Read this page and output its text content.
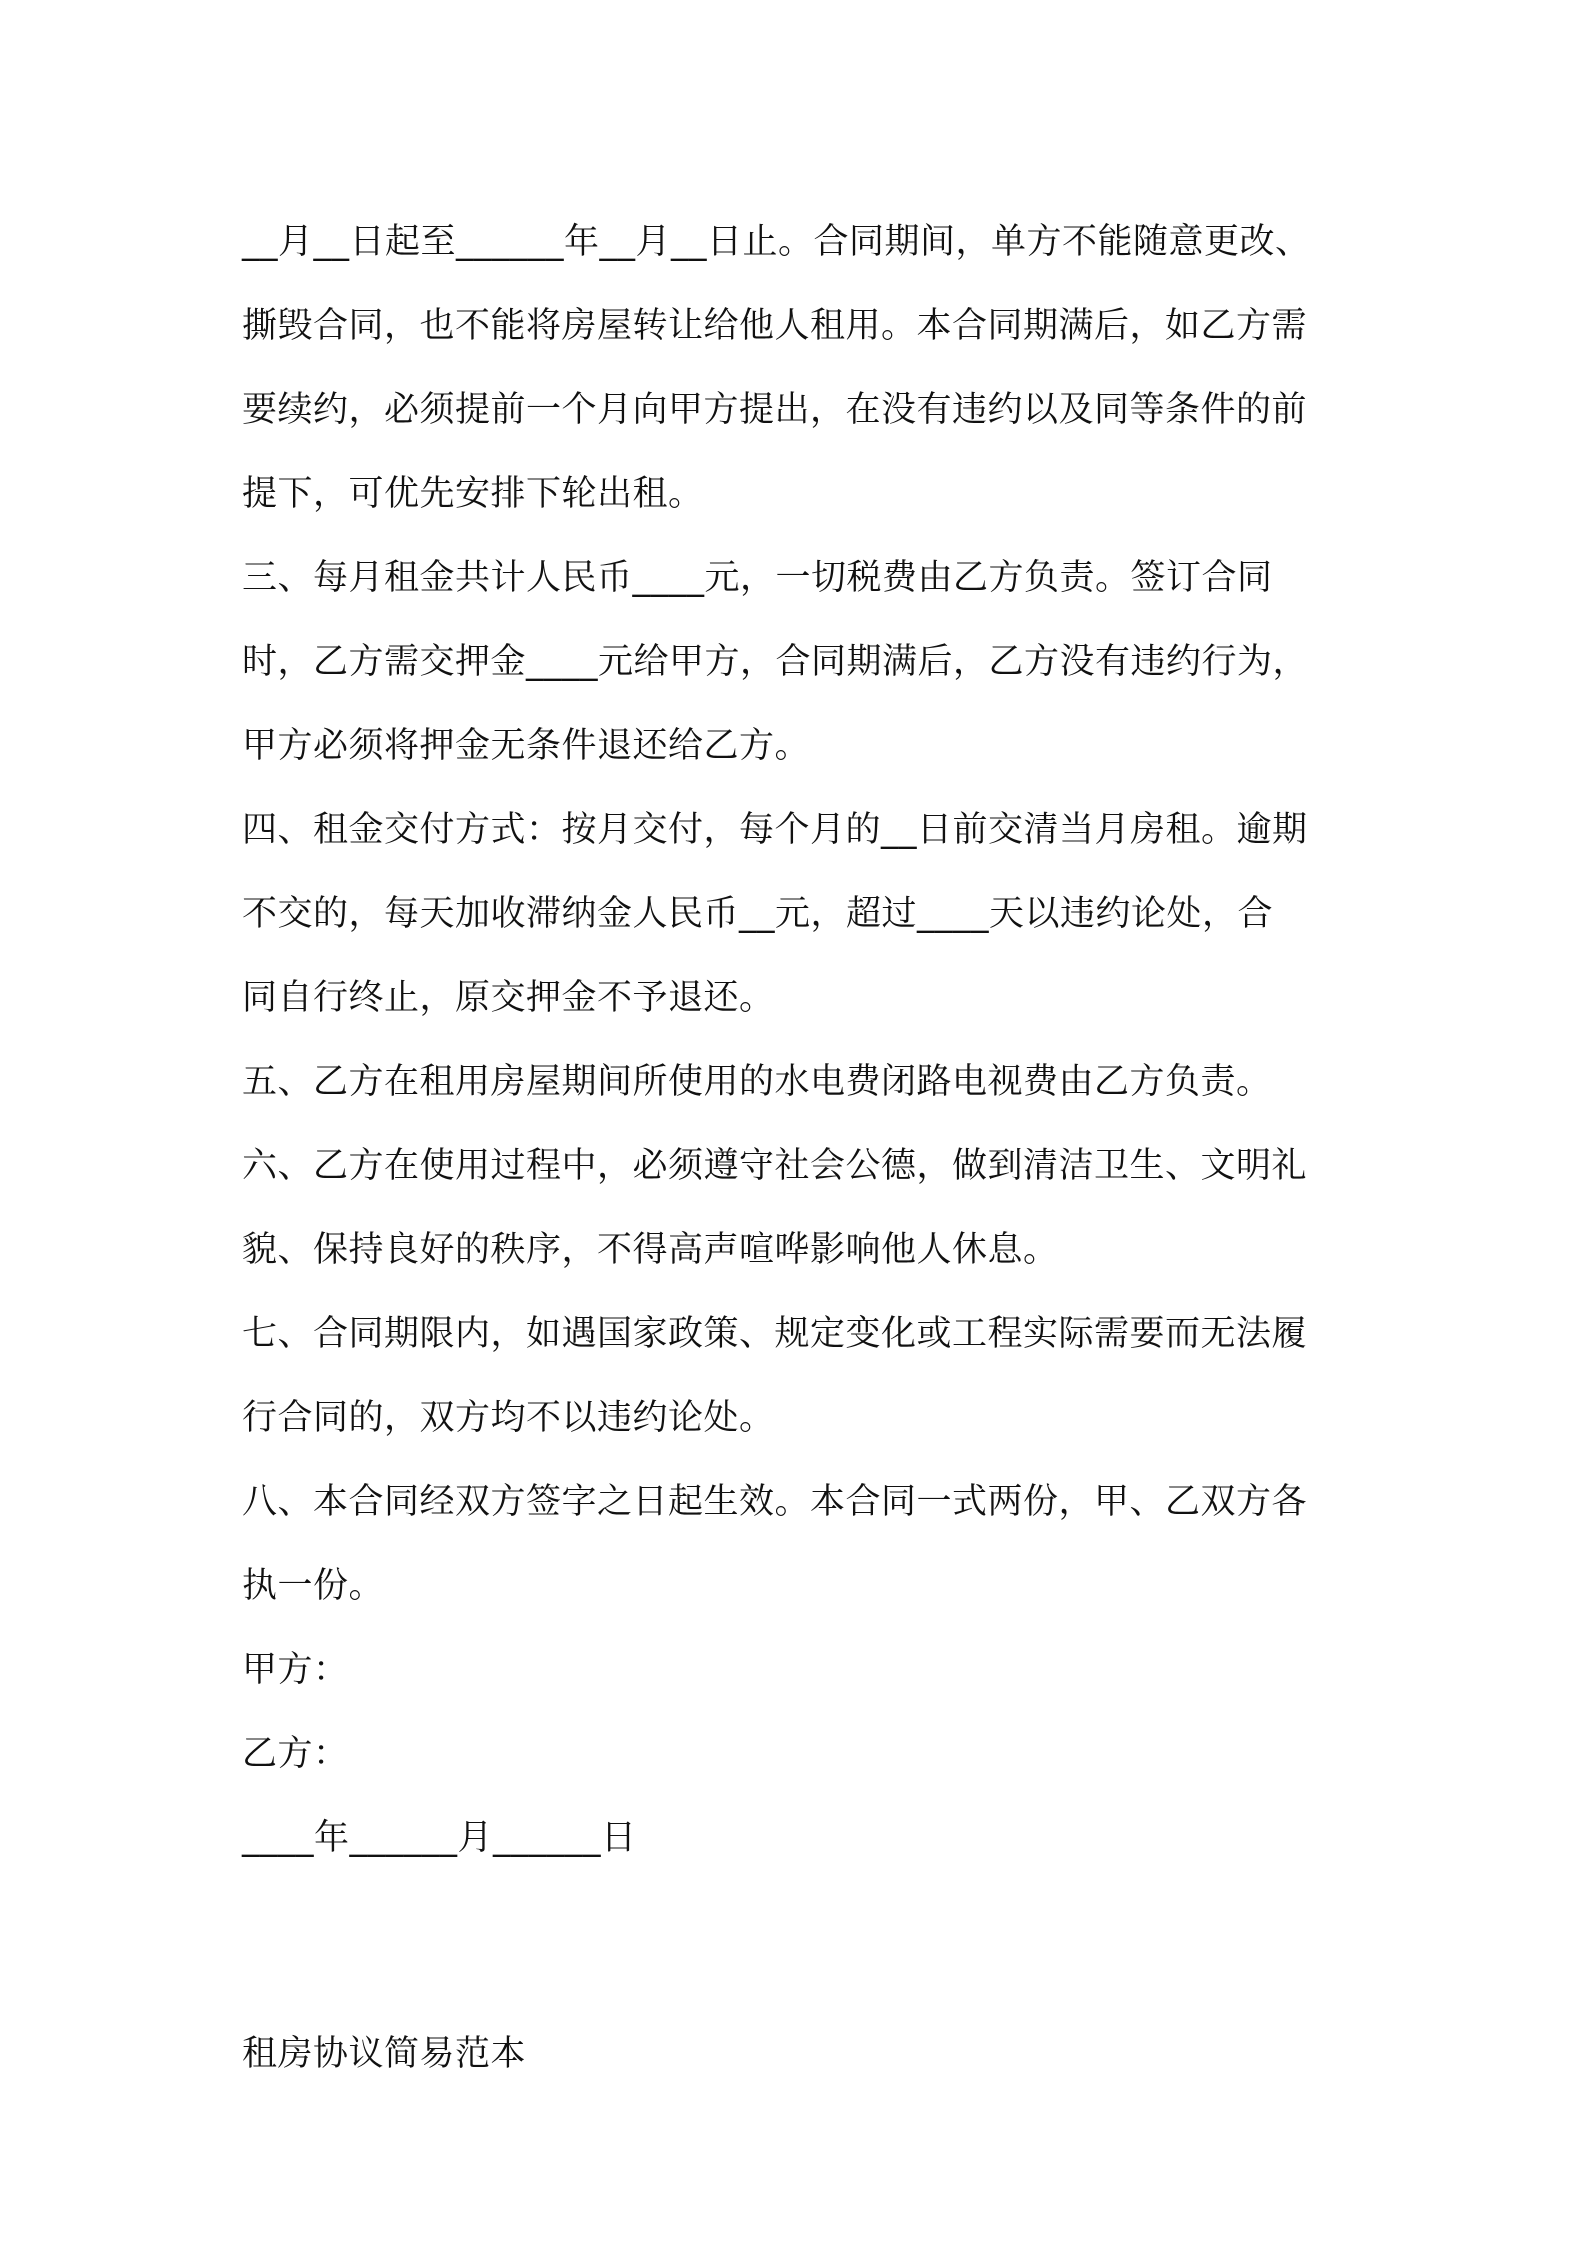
__月__日起至______年__月__日止。合同期间，单方不能随意更改、
撕毁合同，也不能将房屋转让给他人租用。本合同期满后，如乙方需
要续约，必须提前一个月向甲方提出，在没有违约以及同等条件的前
提下，可优先安排下轮出租。
三、每月租金共计人民币____元，一切税费由乙方负责。签订合同
时，乙方需交押金____元给甲方，合同期满后，乙方没有违约行为，
甲方必须将押金无条件退还给乙方。
四、租金交付方式：按月交付，每个月的__日前交清当月房租。逾期
不交的，每天加收滞纳金人民币__元，超过____天以违约论处，合
同自行终止，原交押金不予退还。
五、乙方在租用房屋期间所使用的水电费闭路电视费由乙方负责。
六、乙方在使用过程中，必须遵守社会公德，做到清洁卫生、文明礼
貌、保持良好的秩序，不得高声喧哗影响他人休息。
七、合同期限内，如遇国家政策、规定变化或工程实际需要而无法履
行合同的，双方均不以违约论处。
八、本合同经双方签字之日起生效。本合同一式两份，甲、乙双方各
执一份。
甲方：
乙方：
____年______月______日
租房协议简易范本
